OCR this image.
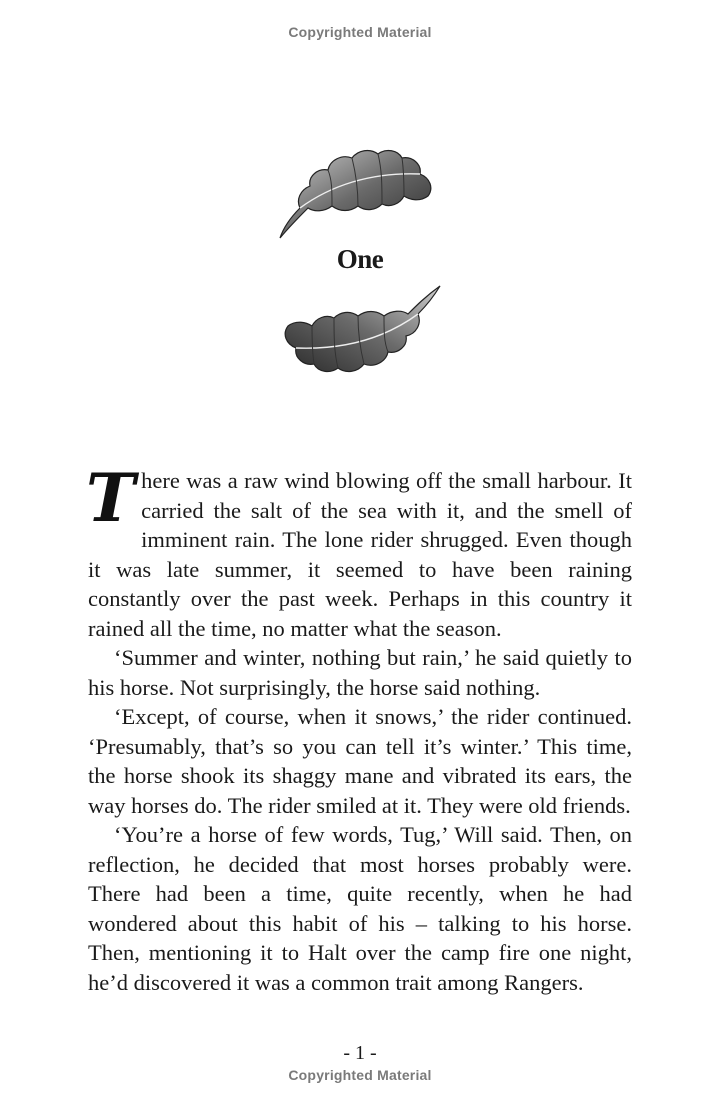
Copyrighted Material
One

There was a raw wind blowing off the small harbour. It carried the salt of the sea with it, and the smell of imminent rain. The lone rider shrugged. Even though it was late summer, it seemed to have been raining constantly over the past week. Perhaps in this country it rained all the time, no matter what the season.

‘Summer and winter, nothing but rain,’ he said quietly to his horse. Not surprisingly, the horse said nothing.

‘Except, of course, when it snows,’ the rider continued. ‘Presumably, that’s so you can tell it’s winter.’ This time, the horse shook its shaggy mane and vibrated its ears, the way horses do. The rider smiled at it. They were old friends.

‘You’re a horse of few words, Tug,’ Will said. Then, on reflection, he decided that most horses probably were. There had been a time, quite recently, when he had wondered about this habit of his – talking to his horse. Then, mentioning it to Halt over the camp fire one night, he’d discovered it was a common trait among Rangers.

- 1 -
Copyrighted Material
